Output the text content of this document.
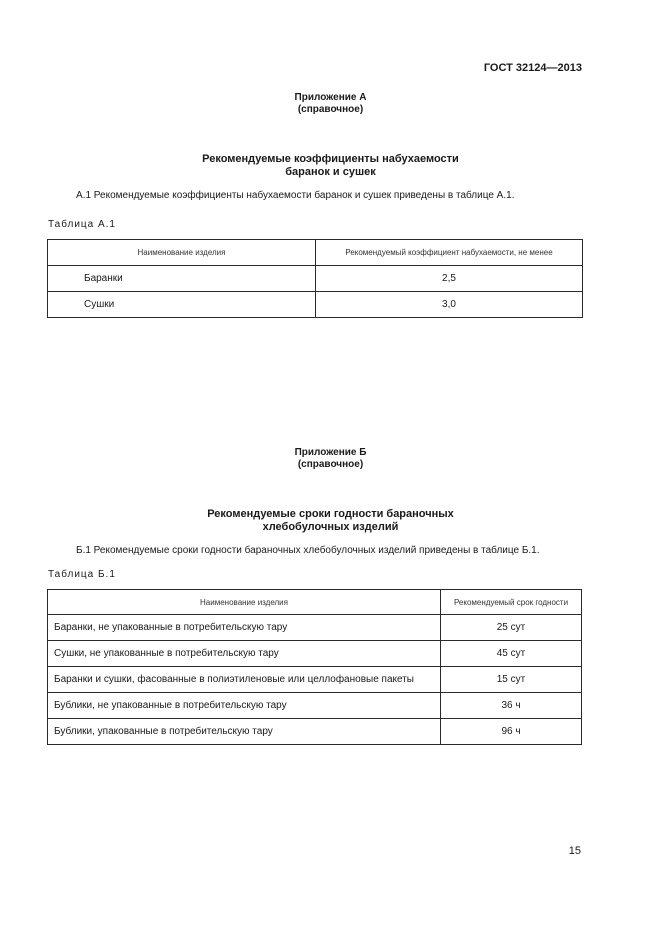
ГОСТ 32124—2013
Приложение А
(справочное)
Рекомендуемые коэффициенты набухаемости
баранок и сушек
А.1 Рекомендуемые коэффициенты набухаемости баранок и сушек приведены в таблице А.1.
Таблица А.1
Наименование изделия	Рекомендуемый коэффициент набухаемости, не менее
Баранки	2,5
Сушки	3,0
Приложение Б
(справочное)
Рекомендуемые сроки годности бараночных
хлебобулочных изделий
Б.1 Рекомендуемые сроки годности бараночных хлебобулочных изделий приведены в таблице Б.1.
Таблица Б.1
Наименование изделия	Рекомендуемый срок годности
Баранки, не упакованные в потребительскую тару	25 сут
Сушки, не упакованные в потребительскую тару	45 сут
Баранки и сушки, фасованные в полиэтиленовые или целлофановые пакеты	15 сут
Бублики, не упакованные в потребительскую тару	36 ч
Бублики, упакованные в потребительскую тару	96 ч
15
